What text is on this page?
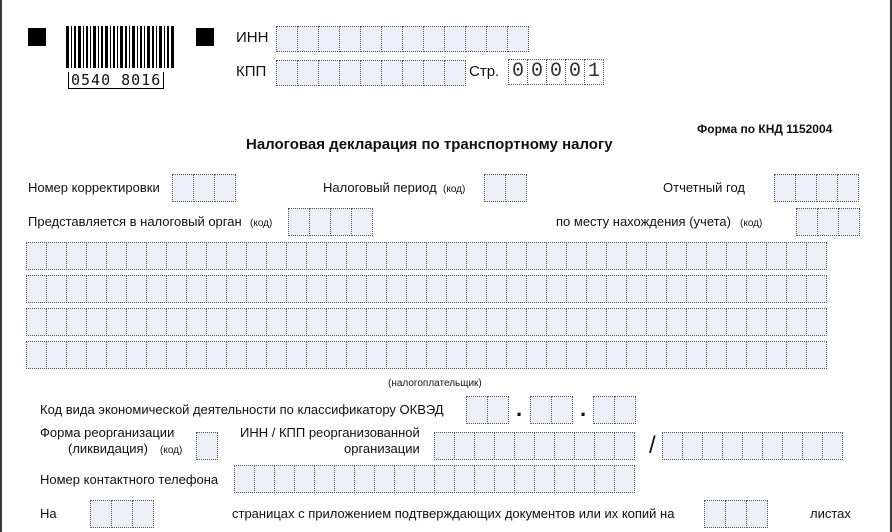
0540 8016
ИНН
КПП	Стр. 0 0 0 0 1
Форма по КНД 1152004
Налоговая декларация по транспортному налогу
Номер корректировки	Налоговый период (код)	Отчетный год
Представляется в налоговый орган (код)	по месту нахождения (учета) (код)
(налогоплательщик)
Код вида экономической деятельности по классификатору ОКВЭД	.	.
Форма реорганизации
(ликвидация) (код)
ИНН / КПП реорганизованной
организации	/
Номер контактного телефона
На	страницах с приложением подтверждающих документов или их копий на	листах
